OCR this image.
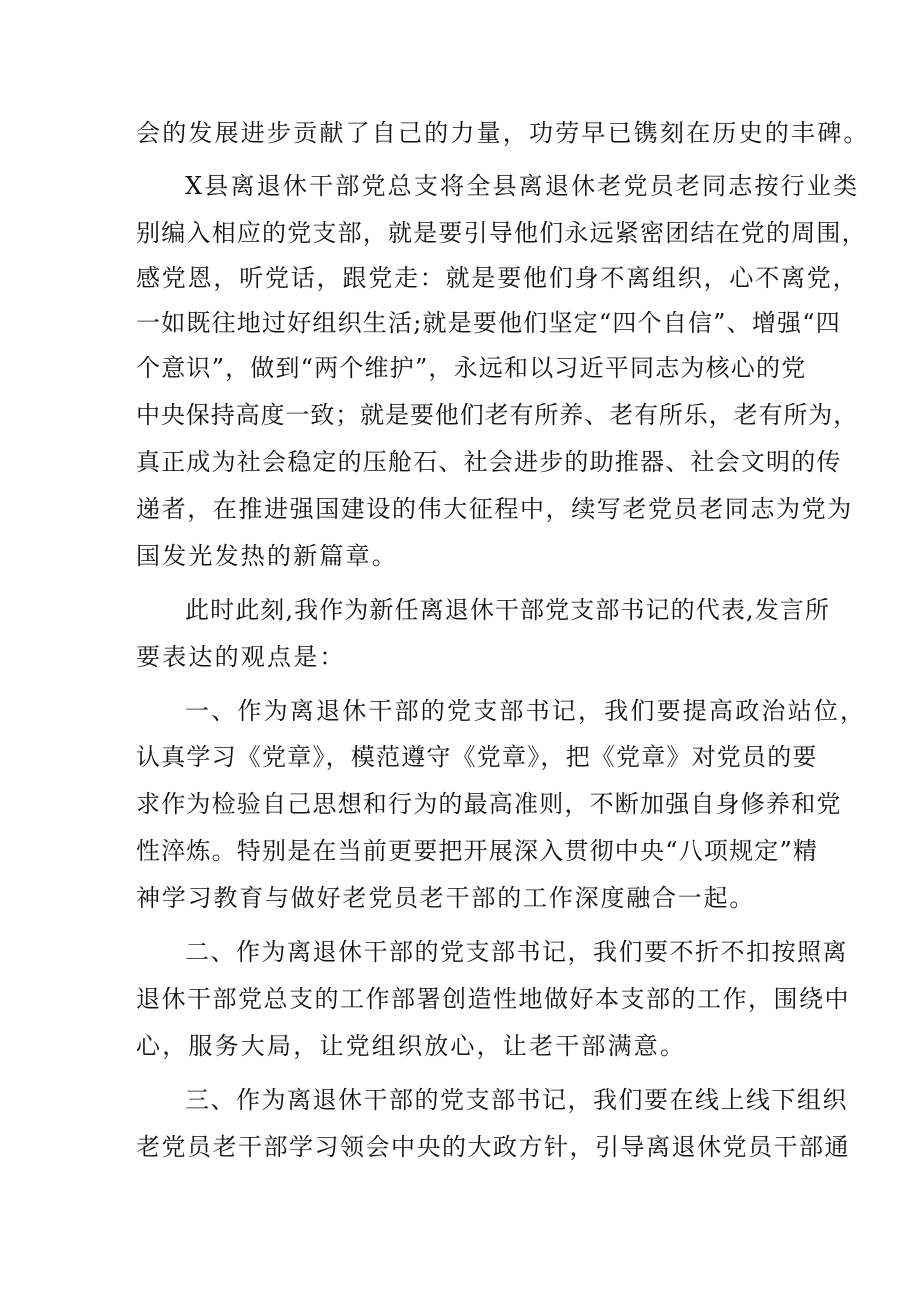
会的发展进步贡献了自己的力量，功劳早已镌刻在历史的丰碑。
X县离退休干部党总支将全县离退休老党员老同志按行业类
别编入相应的党支部，就是要引导他们永远紧密团结在党的周围，
感党恩，听党话，跟党走：就是要他们身不离组织，心不离党，
一如既往地过好组织生活;就是要他们坚定“四个自信”、增强“四
个意识”，做到“两个维护”，永远和以习近平同志为核心的党
中央保持高度一致；就是要他们老有所养、老有所乐，老有所为，
真正成为社会稳定的压舱石、社会进步的助推器、社会文明的传
递者，在推进强国建设的伟大征程中，续写老党员老同志为党为
国发光发热的新篇章。
此时此刻,我作为新任离退休干部党支部书记的代表,发言所
要表达的观点是：
一、作为离退休干部的党支部书记，我们要提高政治站位，
认真学习《党章》，模范遵守《党章》，把《党章》对党员的要
求作为检验自己思想和行为的最高准则，不断加强自身修养和党
性淬炼。特别是在当前更要把开展深入贯彻中央“八项规定”精
神学习教育与做好老党员老干部的工作深度融合一起。
二、作为离退休干部的党支部书记，我们要不折不扣按照离
退休干部党总支的工作部署创造性地做好本支部的工作，围绕中
心，服务大局，让党组织放心，让老干部满意。
三、作为离退休干部的党支部书记，我们要在线上线下组织
老党员老干部学习领会中央的大政方针，引导离退休党员干部通
